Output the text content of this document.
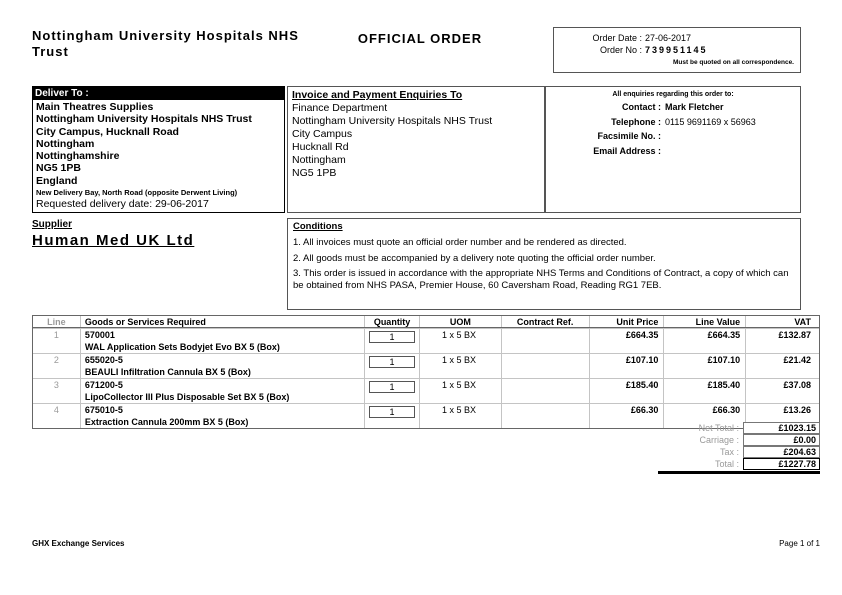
Nottingham University Hospitals NHS Trust
OFFICIAL ORDER	Order Date : 27-06-2017
Order No : 739951145
Must be quoted on all correspondence.
Deliver To :
Main Theatres Supplies
Nottingham University Hospitals NHS Trust
City Campus, Hucknall Road
Nottingham
Nottinghamshire
NG5 1PB
England
New Delivery Bay, North Road (opposite Derwent Living)
Requested delivery date: 29-06-2017
Invoice and Payment Enquiries To
Finance Department
Nottingham University Hospitals NHS Trust
City Campus
Hucknall Rd
Nottingham
NG5 1PB
All enquiries regarding this order to:
Contact : Mark Fletcher
Telephone : 0115 9691169 x 56963
Facsimile No. :
Email Address :
Supplier
Human Med UK Ltd
Conditions
1. All invoices must quote an official order number and be rendered as directed.
2. All goods must be accompanied by a delivery note quoting the official order number.
3. This order is issued in accordance with the appropriate NHS Terms and Conditions of Contract, a copy of which can be obtained from NHS PASA, Premier House, 60 Caversham Road, Reading RG1 7EB.
Line	Goods or Services Required	Quantity	UOM	Contract Ref.	Unit Price	Line Value	VAT
1	570001
WAL Application Sets Bodyjet Evo BX 5 (Box)
1	1 x 5 BX	£664.35	£664.35	£132.87
2	655020-5
BEAULI Infiltration Cannula BX 5 (Box)
1	1 x 5 BX	£107.10	£107.10	£21.42
3	671200-5
LipoCollector III Plus Disposable Set BX 5 (Box)
1	1 x 5 BX	£185.40	£185.40	£37.08
4	675010-5
Extraction Cannula 200mm BX 5 (Box)
1	1 x 5 BX	£66.30	£66.30	£13.26
Net Total :	£1023.15
Carriage :	£0.00
Tax :	£204.63
Total :	£1227.78
GHX Exchange Services	Page 1 of 1
